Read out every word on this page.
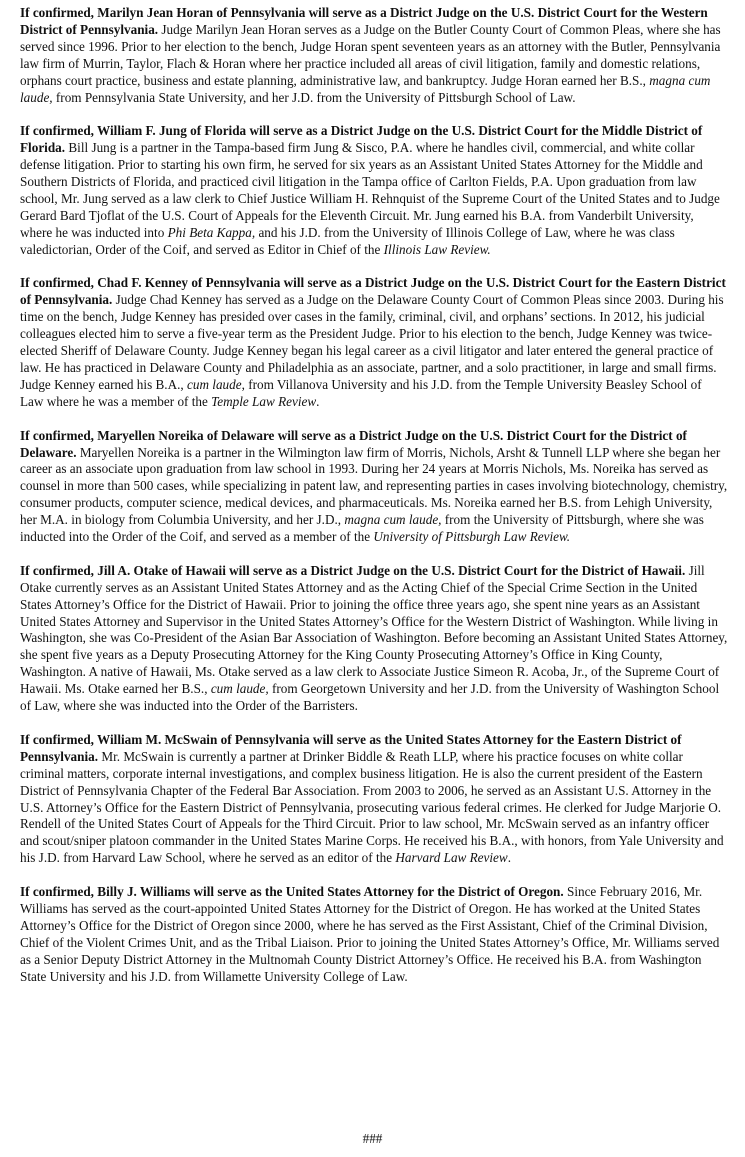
If confirmed, Marilyn Jean Horan of Pennsylvania will serve as a District Judge on the U.S. District Court for the Western District of Pennsylvania. Judge Marilyn Jean Horan serves as a Judge on the Butler County Court of Common Pleas, where she has served since 1996. Prior to her election to the bench, Judge Horan spent seventeen years as an attorney with the Butler, Pennsylvania law firm of Murrin, Taylor, Flach & Horan where her practice included all areas of civil litigation, family and domestic relations, orphans court practice, business and estate planning, administrative law, and bankruptcy. Judge Horan earned her B.S., magna cum laude, from Pennsylvania State University, and her J.D. from the University of Pittsburgh School of Law.

If confirmed, William F. Jung of Florida will serve as a District Judge on the U.S. District Court for the Middle District of Florida. Bill Jung is a partner in the Tampa-based firm Jung & Sisco, P.A. where he handles civil, commercial, and white collar defense litigation. Prior to starting his own firm, he served for six years as an Assistant United States Attorney for the Middle and Southern Districts of Florida, and practiced civil litigation in the Tampa office of Carlton Fields, P.A. Upon graduation from law school, Mr. Jung served as a law clerk to Chief Justice William H. Rehnquist of the Supreme Court of the United States and to Judge Gerard Bard Tjoflat of the U.S. Court of Appeals for the Eleventh Circuit. Mr. Jung earned his B.A. from Vanderbilt University, where he was inducted into Phi Beta Kappa, and his J.D. from the University of Illinois College of Law, where he was class valedictorian, Order of the Coif, and served as Editor in Chief of the Illinois Law Review.

If confirmed, Chad F. Kenney of Pennsylvania will serve as a District Judge on the U.S. District Court for the Eastern District of Pennsylvania. Judge Chad Kenney has served as a Judge on the Delaware County Court of Common Pleas since 2003. During his time on the bench, Judge Kenney has presided over cases in the family, criminal, civil, and orphans’ sections. In 2012, his judicial colleagues elected him to serve a five-year term as the President Judge. Prior to his election to the bench, Judge Kenney was twice-elected Sheriff of Delaware County. Judge Kenney began his legal career as a civil litigator and later entered the general practice of law. He has practiced in Delaware County and Philadelphia as an associate, partner, and a solo practitioner, in large and small firms. Judge Kenney earned his B.A., cum laude, from Villanova University and his J.D. from the Temple University Beasley School of Law where he was a member of the Temple Law Review.

If confirmed, Maryellen Noreika of Delaware will serve as a District Judge on the U.S. District Court for the District of Delaware. Maryellen Noreika is a partner in the Wilmington law firm of Morris, Nichols, Arsht & Tunnell LLP where she began her career as an associate upon graduation from law school in 1993. During her 24 years at Morris Nichols, Ms. Noreika has served as counsel in more than 500 cases, while specializing in patent law, and representing parties in cases involving biotechnology, chemistry, consumer products, computer science, medical devices, and pharmaceuticals. Ms. Noreika earned her B.S. from Lehigh University, her M.A. in biology from Columbia University, and her J.D., magna cum laude, from the University of Pittsburgh, where she was inducted into the Order of the Coif, and served as a member of the University of Pittsburgh Law Review.

If confirmed, Jill A. Otake of Hawaii will serve as a District Judge on the U.S. District Court for the District of Hawaii. Jill Otake currently serves as an Assistant United States Attorney and as the Acting Chief of the Special Crime Section in the United States Attorney’s Office for the District of Hawaii. Prior to joining the office three years ago, she spent nine years as an Assistant United States Attorney and Supervisor in the United States Attorney’s Office for the Western District of Washington. While living in Washington, she was Co-President of the Asian Bar Association of Washington. Before becoming an Assistant United States Attorney, she spent five years as a Deputy Prosecuting Attorney for the King County Prosecuting Attorney’s Office in King County, Washington. A native of Hawaii, Ms. Otake served as a law clerk to Associate Justice Simeon R. Acoba, Jr., of the Supreme Court of Hawaii. Ms. Otake earned her B.S., cum laude, from Georgetown University and her J.D. from the University of Washington School of Law, where she was inducted into the Order of the Barristers.

If confirmed, William M. McSwain of Pennsylvania will serve as the United States Attorney for the Eastern District of Pennsylvania. Mr. McSwain is currently a partner at Drinker Biddle & Reath LLP, where his practice focuses on white collar criminal matters, corporate internal investigations, and complex business litigation. He is also the current president of the Eastern District of Pennsylvania Chapter of the Federal Bar Association. From 2003 to 2006, he served as an Assistant U.S. Attorney in the U.S. Attorney’s Office for the Eastern District of Pennsylvania, prosecuting various federal crimes. He clerked for Judge Marjorie O. Rendell of the United States Court of Appeals for the Third Circuit. Prior to law school, Mr. McSwain served as an infantry officer and scout/sniper platoon commander in the United States Marine Corps. He received his B.A., with honors, from Yale University and his J.D. from Harvard Law School, where he served as an editor of the Harvard Law Review.

If confirmed, Billy J. Williams will serve as the United States Attorney for the District of Oregon. Since February 2016, Mr. Williams has served as the court-appointed United States Attorney for the District of Oregon. He has worked at the United States Attorney’s Office for the District of Oregon since 2000, where he has served as the First Assistant, Chief of the Criminal Division, Chief of the Violent Crimes Unit, and as the Tribal Liaison. Prior to joining the United States Attorney’s Office, Mr. Williams served as a Senior Deputy District Attorney in the Multnomah County District Attorney’s Office. He received his B.A. from Washington State University and his J.D. from Willamette University College of Law.

###
